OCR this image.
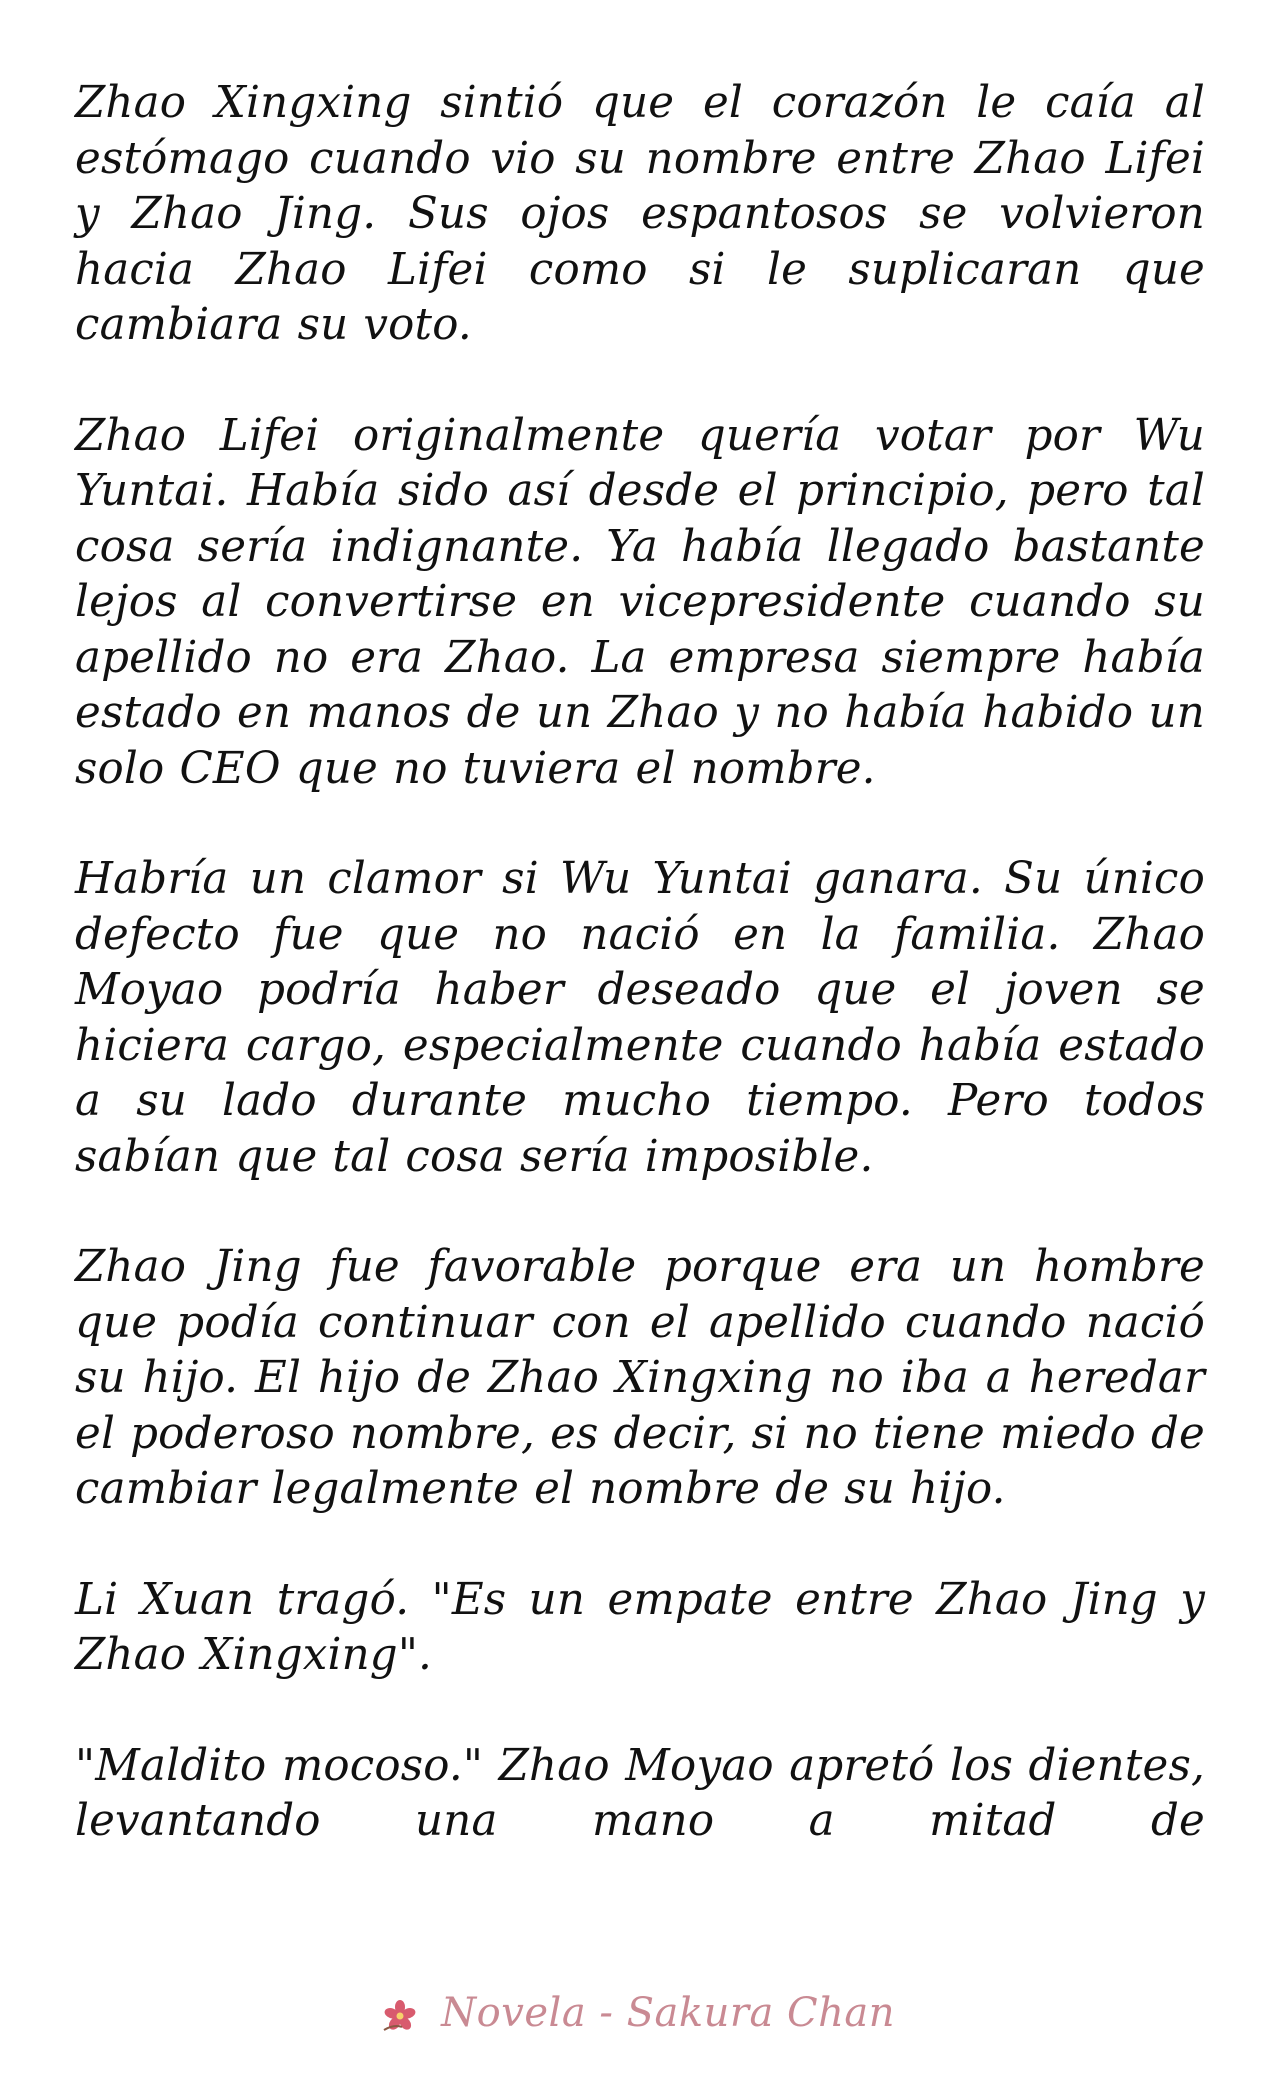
Zhao Xingxing sintió que el corazón le caía al estómago cuando vio su nombre entre Zhao Lifei y Zhao Jing. Sus ojos espantosos se volvieron hacia Zhao Lifei como si le suplicaran que cambiara su voto.

Zhao Lifei originalmente quería votar por Wu Yuntai. Había sido así desde el principio, pero tal cosa sería indignante. Ya había llegado bastante lejos al convertirse en vicepresidente cuando su apellido no era Zhao. La empresa siempre había estado en manos de un Zhao y no había habido un solo CEO que no tuviera el nombre.

Habría un clamor si Wu Yuntai ganara. Su único defecto fue que no nació en la familia. Zhao Moyao podría haber deseado que el joven se hiciera cargo, especialmente cuando había estado a su lado durante mucho tiempo. Pero todos sabían que tal cosa sería imposible.

Zhao Jing fue favorable porque era un hombre que podía continuar con el apellido cuando nació su hijo. El hijo de Zhao Xingxing no iba a heredar el poderoso nombre, es decir, si no tiene miedo de cambiar legalmente el nombre de su hijo.

Li Xuan tragó. "Es un empate entre Zhao Jing y Zhao Xingxing".

"Maldito mocoso." Zhao Moyao apretó los dientes, levantando una mano a mitad de

Novela - Sakura Chan
